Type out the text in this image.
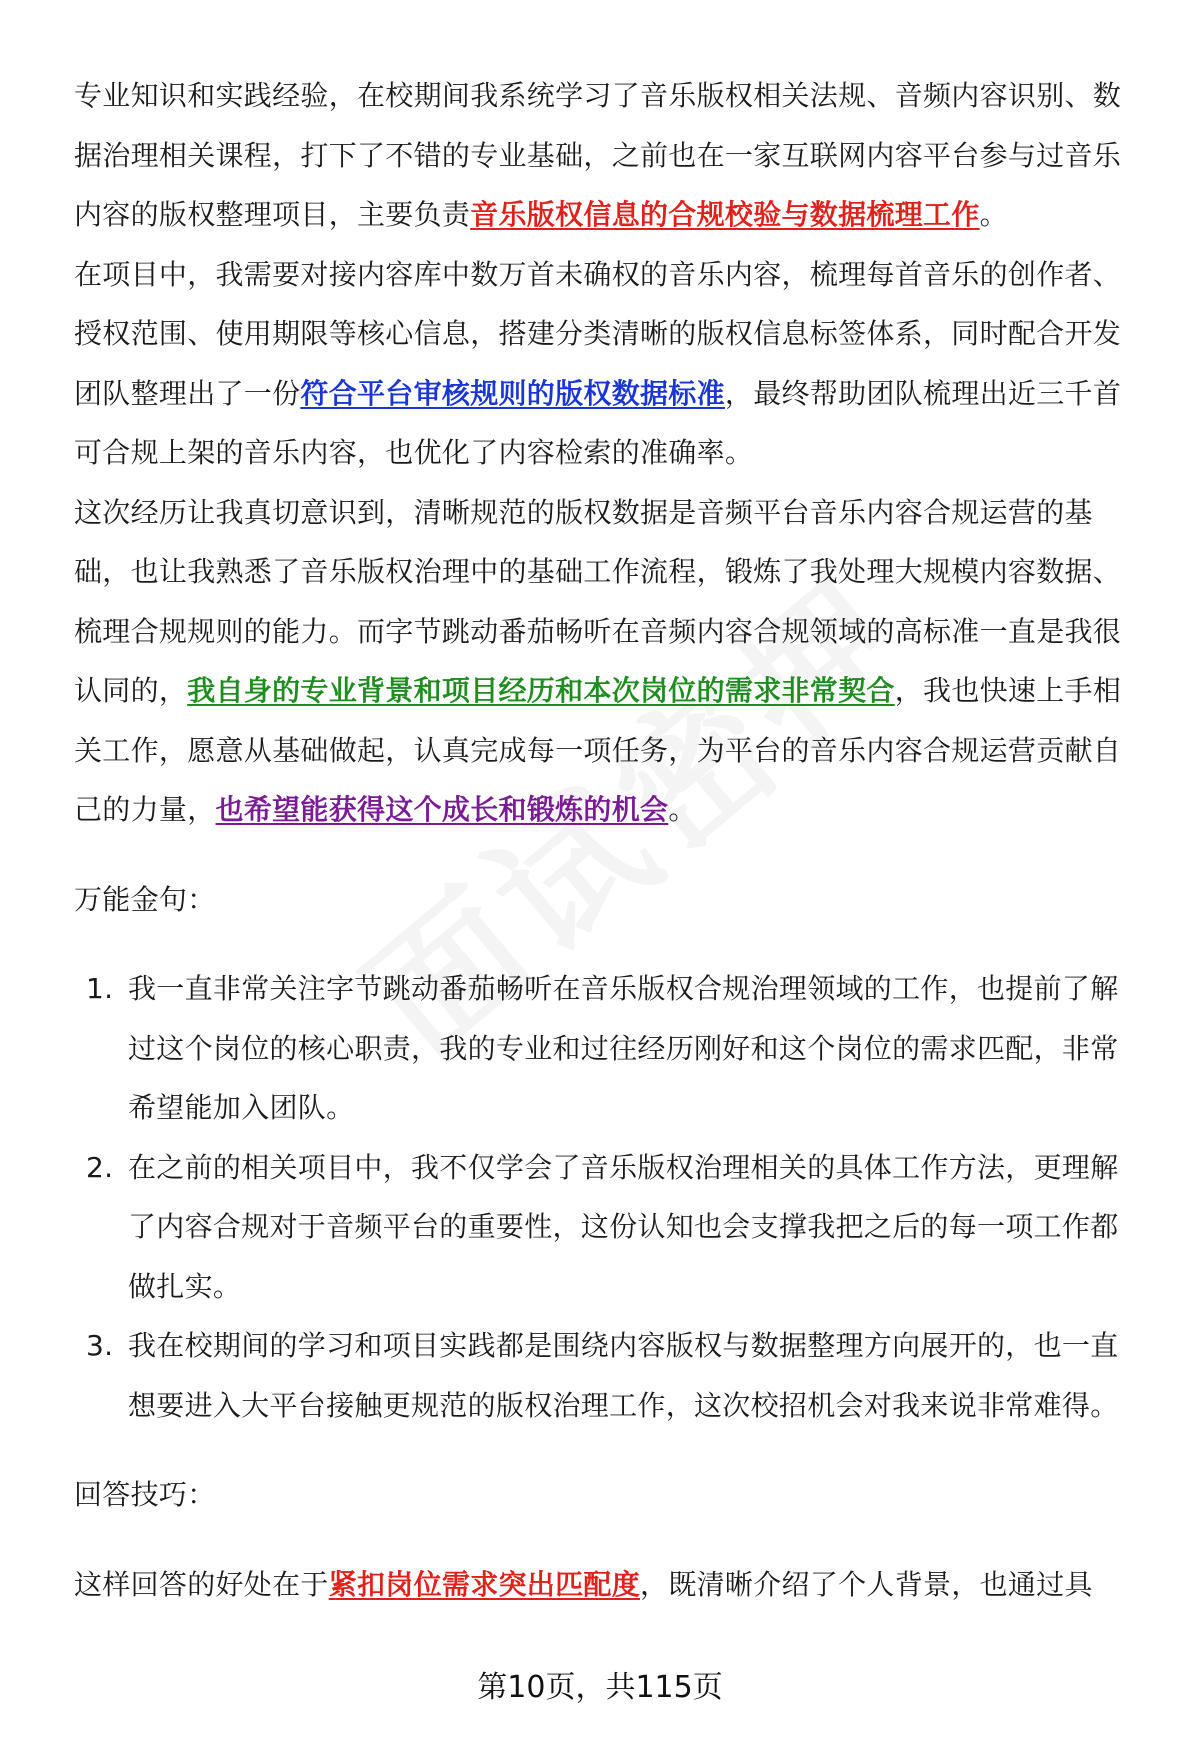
专业知识和实践经验，在校期间我系统学习了音乐版权相关法规、音频内容识别、数据治理相关课程，打下了不错的专业基础，之前也在一家互联网内容平台参与过音乐内容的版权整理项目，主要负责音乐版权信息的合规校验与数据梳理工作。

在项目中，我需要对接内容库中数万首未确权的音乐内容，梳理每首音乐的创作者、授权范围、使用期限等核心信息，搭建分类清晰的版权信息标签体系，同时配合开发团队整理出了一份符合平台审核规则的版权数据标准，最终帮助团队梳理出近三千首可合规上架的音乐内容，也优化了内容检索的准确率。

这次经历让我真切意识到，清晰规范的版权数据是音频平台音乐内容合规运营的基础，也让我熟悉了音乐版权治理中的基础工作流程，锻炼了我处理大规模内容数据、梳理合规规则的能力。而字节跳动番茄畅听在音频内容合规领域的高标准一直是我很认同的，我自身的专业背景和项目经历和本次岗位的需求非常契合，我也快速上手相关工作，愿意从基础做起，认真完成每一项任务，为平台的音乐内容合规运营贡献自己的力量，也希望能获得这个成长和锻炼的机会。

万能金句：

1. 我一直非常关注字节跳动番茄畅听在音乐版权合规治理领域的工作，也提前了解过这个岗位的核心职责，我的专业和过往经历刚好和这个岗位的需求匹配，非常希望能加入团队。
2. 在之前的相关项目中，我不仅学会了音乐版权治理相关的具体工作方法，更理解了内容合规对于音频平台的重要性，这份认知也会支撑我把之后的每一项工作都做扎实。
3. 我在校期间的学习和项目实践都是围绕内容版权与数据整理方向展开的，也一直想要进入大平台接触更规范的版权治理工作，这次校招机会对我来说非常难得。

回答技巧：

这样回答的好处在于紧扣岗位需求突出匹配度，既清晰介绍了个人背景，也通过具

第10页，共115页
